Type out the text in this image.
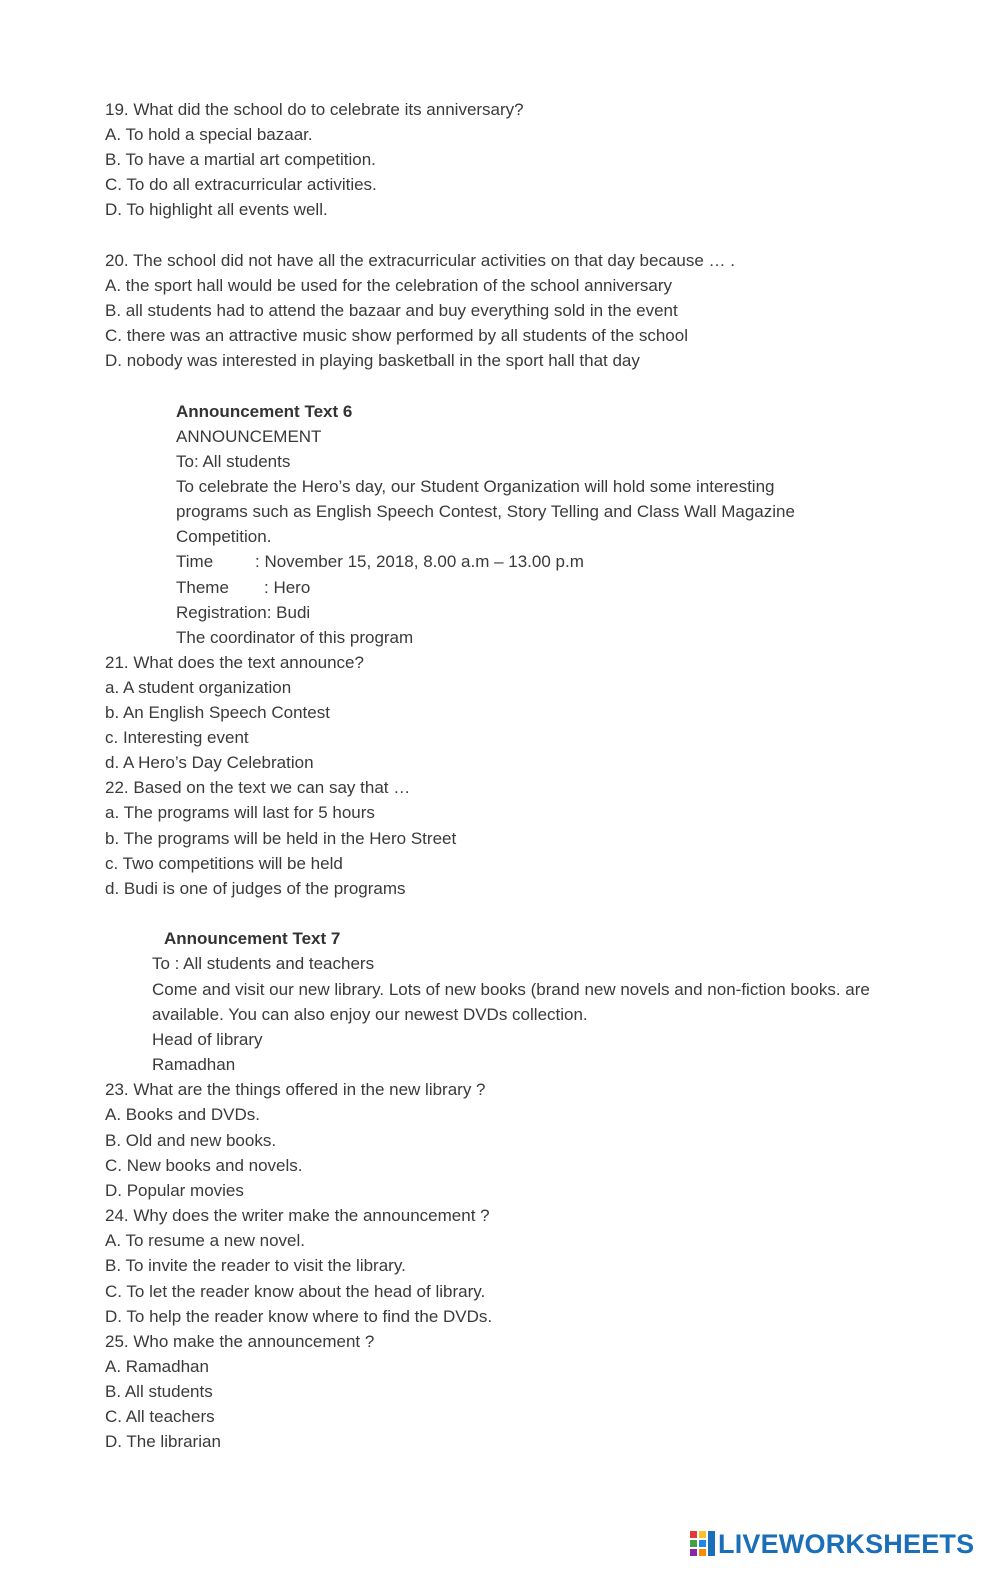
19. What did the school do to celebrate its anniversary?
A. To hold a special bazaar.
B. To have a martial art competition.
C. To do all extracurricular activities.
D. To highlight all events well.
20. The school did not have all the extracurricular activities on that day because … .
A. the sport hall would be used for the celebration of the school anniversary
B. all students had to attend the bazaar and buy everything sold in the event
C. there was an attractive music show performed by all students of the school
D. nobody was interested in playing basketball in the sport hall that day
Announcement Text 6
ANNOUNCEMENT
To: All students
To celebrate the Hero’s day, our Student Organization will hold some interesting
programs such as English Speech Contest, Story Telling and Class Wall Magazine
Competition.
Time : November 15, 2018, 8.00 a.m – 13.00 p.m
Theme : Hero
Registration: Budi
The coordinator of this program
21. What does the text announce?
a. A student organization
b. An English Speech Contest
c. Interesting event
d. A Hero’s Day Celebration
22. Based on the text we can say that …
a. The programs will last for 5 hours
b. The programs will be held in the Hero Street
c. Two competitions will be held
d. Budi is one of judges of the programs
Announcement Text 7
To : All students and teachers
Come and visit our new library. Lots of new books (brand new novels and non-fiction books. are
available. You can also enjoy our newest DVDs collection.
Head of library
Ramadhan
23. What are the things offered in the new library ?
A. Books and DVDs.
B. Old and new books.
C. New books and novels.
D. Popular movies
24. Why does the writer make the announcement ?
A. To resume a new novel.
B. To invite the reader to visit the library.
C. To let the reader know about the head of library.
D. To help the reader know where to find the DVDs.
25. Who make the announcement ?
A. Ramadhan
B. All students
C. All teachers
D. The librarian
LIVEWORKSHEETS
